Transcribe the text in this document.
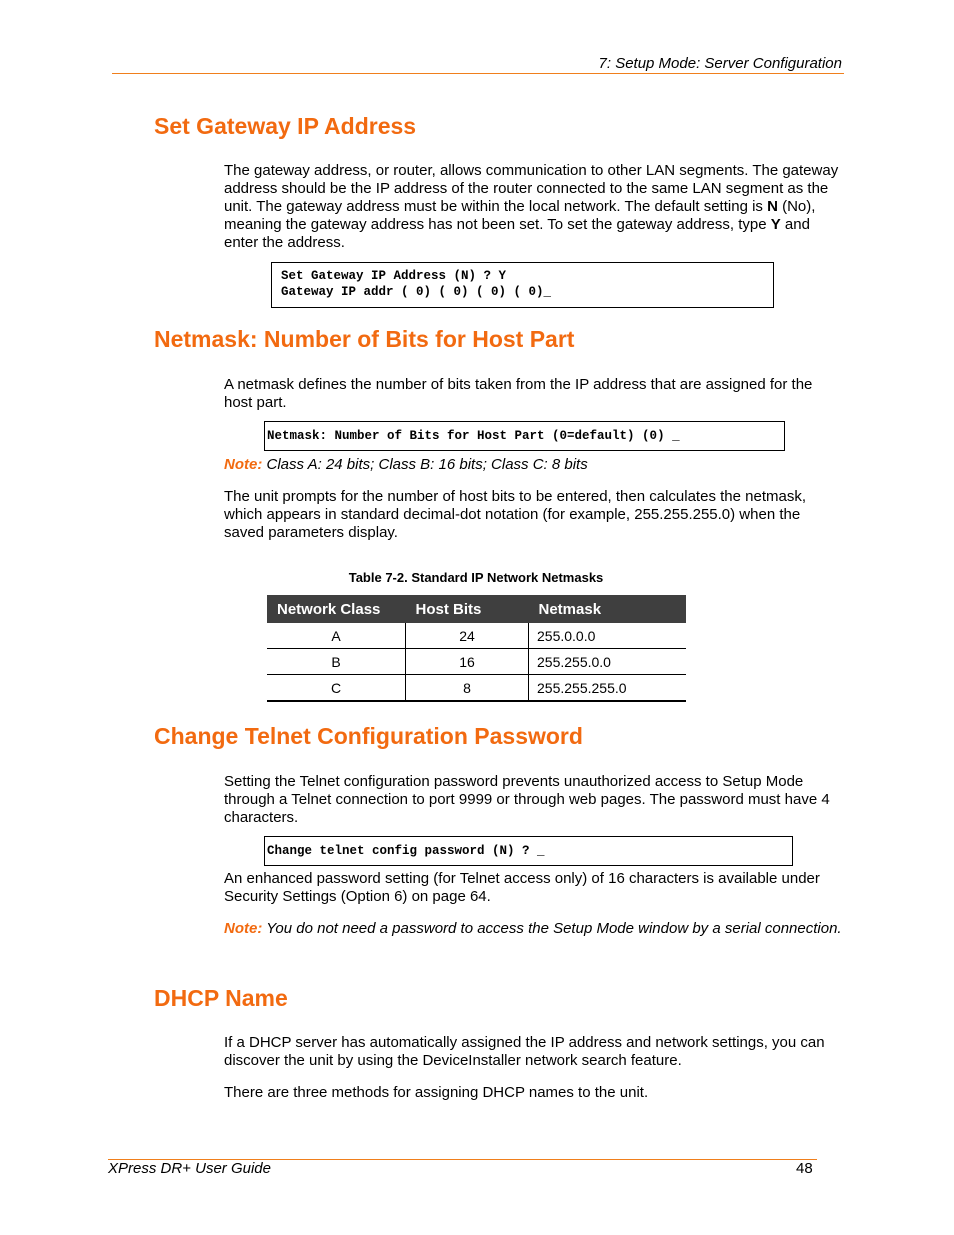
7: Setup Mode: Server Configuration
Set Gateway IP Address

The gateway address, or router, allows communication to other LAN segments. The gateway address should be the IP address of the router connected to the same LAN segment as the unit. The gateway address must be within the local network. The default setting is N (No), meaning the gateway address has not been set. To set the gateway address, type Y and enter the address.

Set Gateway IP Address (N) ? Y
Gateway IP addr ( 0) ( 0) ( 0) ( 0)_
Netmask: Number of Bits for Host Part

A netmask defines the number of bits taken from the IP address that are assigned for the host part.

Netmask: Number of Bits for Host Part (0=default) (0) _

Note: Class A: 24 bits; Class B: 16 bits; Class C: 8 bits

The unit prompts for the number of host bits to be entered, then calculates the netmask, which appears in standard decimal-dot notation (for example, 255.255.255.0) when the saved parameters display.

Table 7-2. Standard IP Network Netmasks
Network Class	Host Bits	Netmask
A	24	255.0.0.0
B	16	255.255.0.0
C	8	255.255.255.0
Change Telnet Configuration Password

Setting the Telnet configuration password prevents unauthorized access to Setup Mode through a Telnet connection to port 9999 or through web pages. The password must have 4 characters.

Change telnet config password (N) ? _

An enhanced password setting (for Telnet access only) of 16 characters is available under Security Settings (Option 6) on page 64.

Note: You do not need a password to access the Setup Mode window by a serial connection.

DHCP Name

If a DHCP server has automatically assigned the IP address and network settings, you can discover the unit by using the DeviceInstaller network search feature.

There are three methods for assigning DHCP names to the unit.

XPress DR+ User Guide	48
